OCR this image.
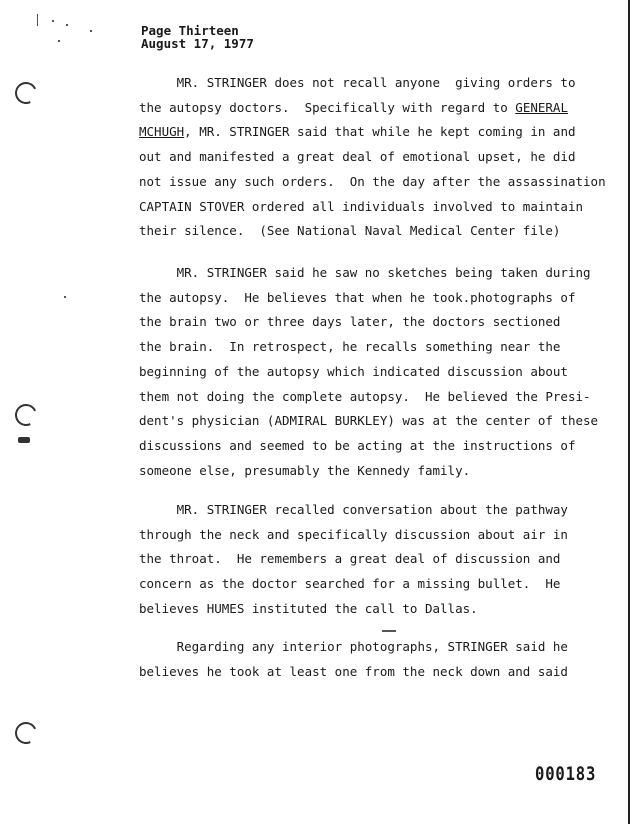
Page Thirteen
August 17, 1977
MR. STRINGER does not recall anyone  giving orders to
the autopsy doctors.  Specifically with regard to GENERAL
MCHUGH, MR. STRINGER said that while he kept coming in and
out and manifested a great deal of emotional upset, he did
not issue any such orders.  On the day after the assassination
CAPTAIN STOVER ordered all individuals involved to maintain
their silence.  (See National Naval Medical Center file)
MR. STRINGER said he saw no sketches being taken during
the autopsy.  He believes that when he took.photographs of
the brain two or three days later, the doctors sectioned
the brain.  In retrospect, he recalls something near the
beginning of the autopsy which indicated discussion about
them not doing the complete autopsy.  He believed the Presi-
dent's physician (ADMIRAL BURKLEY) was at the center of these
discussions and seemed to be acting at the instructions of
someone else, presumably the Kennedy family.
MR. STRINGER recalled conversation about the pathway
through the neck and specifically discussion about air in
the throat.  He remembers a great deal of discussion and
concern as the doctor searched for a missing bullet.  He
believes HUMES instituted the call to Dallas.
Regarding any interior photographs, STRINGER said he
believes he took at least one from the neck down and said
000183
